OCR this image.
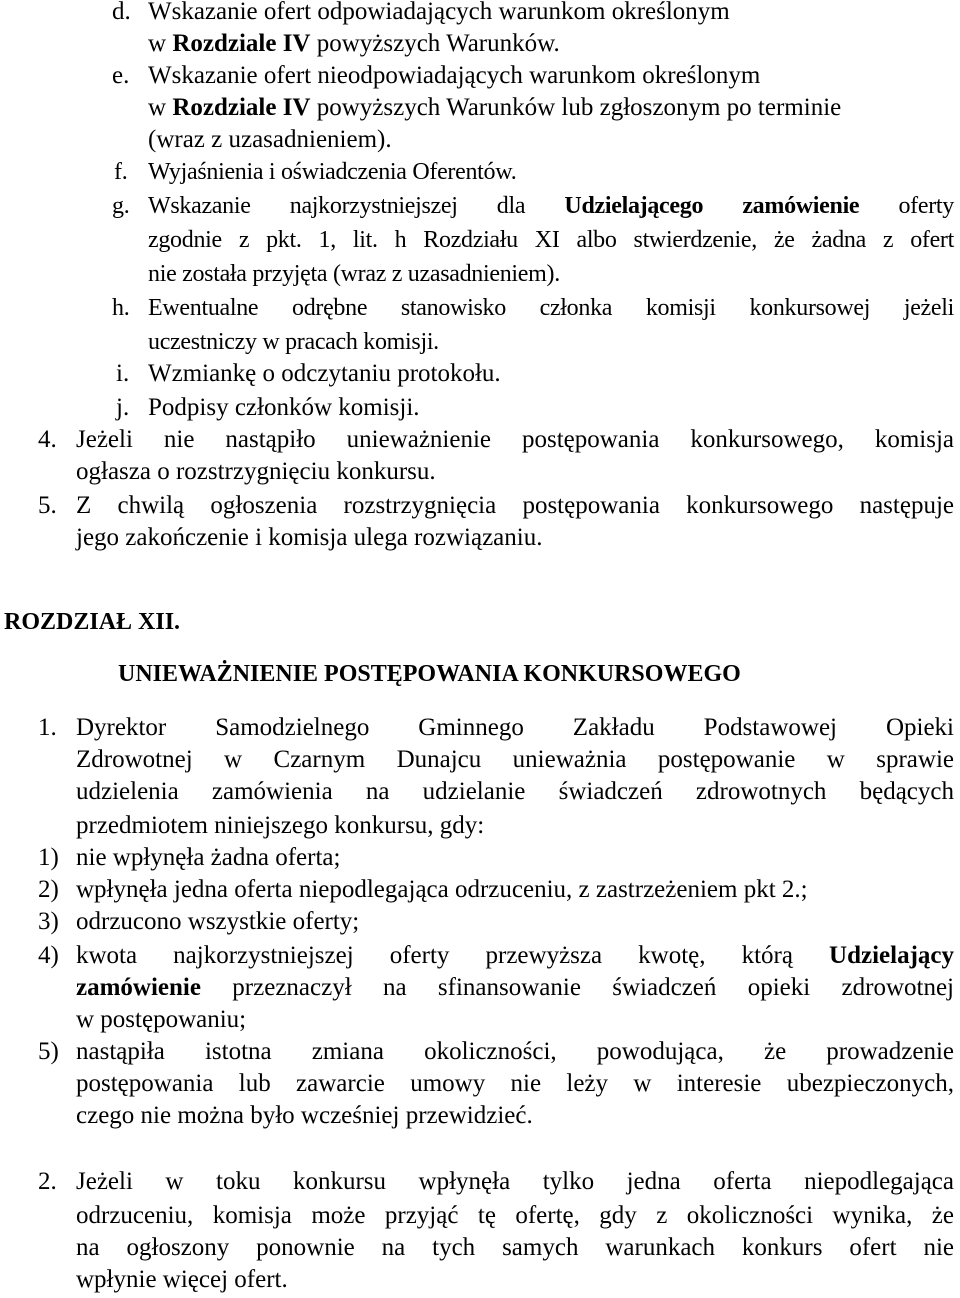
d. Wskazanie ofert odpowiadających warunkom określonym
w Rozdziale IV powyższych Warunków.
e. Wskazanie ofert nieodpowiadających warunkom określonym
w Rozdziale IV powyższych Warunków lub zgłoszonym po terminie
(wraz z uzasadnieniem).
f. Wyjaśnienia i oświadczenia Oferentów.
g. Wskazanie najkorzystniejszej dla Udzielającego zamówienie oferty
zgodnie z pkt. 1, lit. h Rozdziału XI albo stwierdzenie, że żadna z ofert
nie została przyjęta (wraz z uzasadnieniem).
h. Ewentualne odrębne stanowisko członka komisji konkursowej jeżeli
uczestniczy w pracach komisji.
i. Wzmiankę o odczytaniu protokołu.
j. Podpisy członków komisji.
4. Jeżeli nie nastąpiło unieważnienie postępowania konkursowego, komisja
ogłasza o rozstrzygnięciu konkursu.
5. Z chwilą ogłoszenia rozstrzygnięcia postępowania konkursowego następuje
jego zakończenie i komisja ulega rozwiązaniu.
ROZDZIAŁ XII.
UNIEWAŻNIENIE POSTĘPOWANIA KONKURSOWEGO
1. Dyrektor Samodzielnego Gminnego Zakładu Podstawowej Opieki
Zdrowotnej w Czarnym Dunajcu unieważnia postępowanie w sprawie
udzielenia zamówienia na udzielanie świadczeń zdrowotnych będących
przedmiotem niniejszego konkursu, gdy:
1) nie wpłynęła żadna oferta;
2) wpłynęła jedna oferta niepodlegająca odrzuceniu, z zastrzeżeniem pkt 2.;
3) odrzucono wszystkie oferty;
4) kwota najkorzystniejszej oferty przewyższa kwotę, którą Udzielający
zamówienie przeznaczył na sfinansowanie świadczeń opieki zdrowotnej
w postępowaniu;
5) nastąpiła istotna zmiana okoliczności, powodująca, że prowadzenie
postępowania lub zawarcie umowy nie leży w interesie ubezpieczonych,
czego nie można było wcześniej przewidzieć.
2. Jeżeli w toku konkursu wpłynęła tylko jedna oferta niepodlegająca
odrzuceniu, komisja może przyjąć tę ofertę, gdy z okoliczności wynika, że
na ogłoszony ponownie na tych samych warunkach konkurs ofert nie
wpłynie więcej ofert.
